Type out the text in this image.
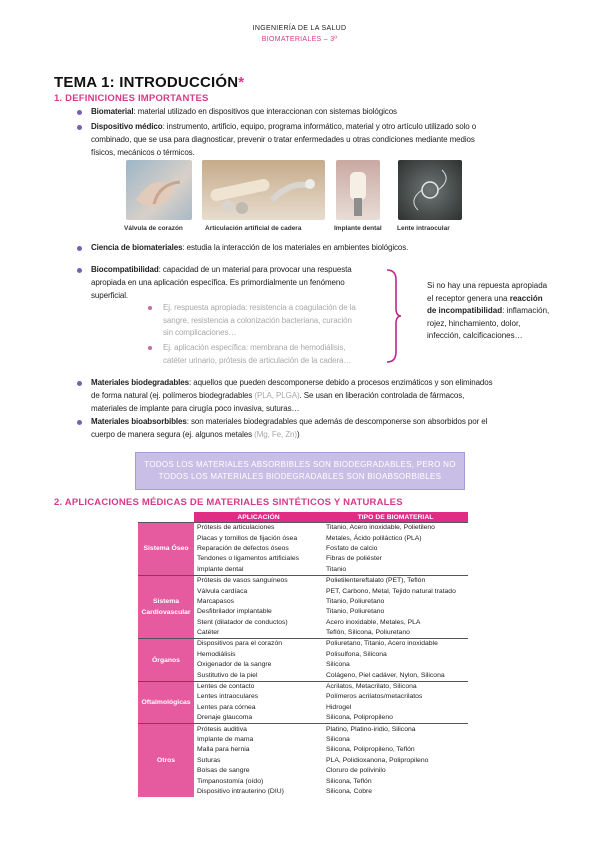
INGENIERÍA DE LA SALUD
BIOMATERIALES – 3º
TEMA 1: INTRODUCCIÓN*
1. DEFINICIONES IMPORTANTES
Biomaterial: material utilizado en dispositivos que interaccionan con sistemas biológicos
Dispositivo médico: instrumento, artificio, equipo, programa informático, material y otro artículo utilizado solo o
combinado, que se usa para diagnosticar, prevenir o tratar enfermedades u otras condiciones mediante medios
físicos, mecánicos o térmicos.
Válvula de corazón	Articulación artificial de cadera	Implante dental Lente intraocular
Ciencia de biomateriales: estudia la interacción de los materiales en ambientes biológicos.
Biocompatibilidad: capacidad de un material para provocar una respuesta
apropiada en una aplicación específica. Es primordialmente un fenómeno
superficial.
Ej. respuesta apropiada: resistencia a coagulación de la
sangre, resistencia a colonización bacteriana, curación
sin complicaciones…
Ej. aplicación específica: membrana de hemodiálisis,
catéter urinario, prótesis de articulación de la cadera…
Si no hay una repuesta apropiada
el receptor genera una reacción
de incompatibilidad: inflamación,
rojez, hinchamiento, dolor,
infección, calcificaciones…
Materiales biodegradables: aquellos que pueden descomponerse debido a procesos enzimáticos y son eliminados
de forma natural (ej. polímeros biodegradables (PLA, PLGA). Se usan en liberación controlada de fármacos,
materiales de implante para cirugía poco invasiva, suturas…
Materiales bioabsorbibles: son materiales biodegradables que además de descomponerse son absorbidos por el
cuerpo de manera segura (ej. algunos metales (Mg, Fe, Zn))
TODOS LOS MATERIALES ABSORBIBLES SON BIODEGRADABLES, PERO NO
TODOS LOS MATERIALES BIODEGRADABLES SON BIOABSORBIBLES
2. APLICACIONES MÉDICAS DE MATERIALES SINTÉTICOS Y NATURALES
	APLICACIÓN	TIPO DE BIOMATERIAL
Sistema Óseo	Prótesis de articulaciones	Titanio, Acero inoxidable, Polietileno
	Placas y tornillos de fijación ósea	Metales, Ácido poliláctico (PLA)
	Reparación de defectos óseos	Fosfato de calcio
	Tendones o ligamentos artificiales	Fibras de poliéster
	Implante dental	Titanio
Sistema Cardiovascular	Prótesis de vasos sanguíneos	Polietilentereftalato (PET), Teflón
	Válvula cardíaca	PET, Carbono, Metal, Tejido natural tratado
	Marcapasos	Titanio, Poliuretano
	Desfibrilador implantable	Titanio, Poliuretano
	Stent (dilatador de conductos)	Acero inoxidable, Metales, PLA
	Catéter	Teflón, Silicona, Poliuretano
Órganos	Dispositivos para el corazón	Poliuretano, Titanio, Acero inoxidable
	Hemodiálisis	Polisulfona, Silicona
	Oxigenador de la sangre	Silicona
	Sustitutivo de la piel	Colágeno, Piel cadáver, Nylon, Silicona
Oftalmológicas	Lentes de contacto	Acrilatos, Metacrilato, Silicona
	Lentes intraoculares	Polímeros acrilatos/metacrilatos
	Lentes para córnea	Hidrogel
	Drenaje glaucoma	Silicona, Polipropileno
Otros	Prótesis auditiva	Platino, Platino-iridio, Silicona
	Implante de mama	Silicona
	Malla para hernia	Silicona, Polipropileno, Teflón
	Suturas	PLA, Polidioxanona, Polipropileno
	Bolsas de sangre	Cloruro de polivinilo
	Timpanostomía (oído)	Silicona, Teflón
	Dispositivo intrauterino (DIU)	Silicona, Cobre
